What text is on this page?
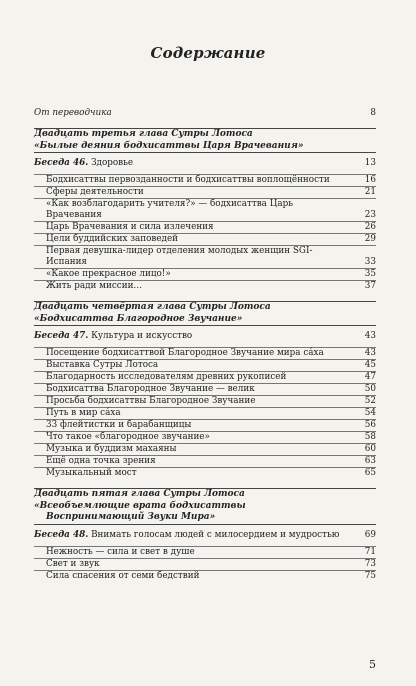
Содержание
От переводчика	8
Двадцать третья глава Сутры Лотоса
«Былые деяния бодхисаттвы Царя Врачевания»
Беседа 46. Здоровье	13
Бодхисаттвы первозданности и бодхисаттвы воплощённости	16
Сферы деятельности	21
«Как возблагодарить учителя?» — бодхисаттва Царь Врачевания	23
Царь Врачевания и сила излечения	26
Цели буддийских заповедей	29
Первая девушка-лидер отделения молодых женщин SGI-Испания	33
«Какое прекрасное лицо!»	35
Жить ради миссии…	37
Двадцать четвёртая глава Сутры Лотоса
«Бодхисаттва Благородное Звучание»
Беседа 47. Культура и искусство	43
Посещение бодхисаттвой Благородное Звучание мира сáха	43
Выставка Сутры Лотоса	45
Благодарность исследователям древних рукописей	47
Бодхисаттва Благородное Звучание — велик	50
Просьба бодхисаттвы Благородное Звучание	52
Путь в мир сáха	54
33 флейтистки и барабанщицы	56
Что такое «благородное звучание»	58
Музыка и буддизм махаяны	60
Ещё одна точка зрения	63
Музыкальный мост	65
Двадцать пятая глава Сутры Лотоса
«Всеобъемлющие врата бодхисаттвы
Воспринимающий Звуки Мира»
Беседа 48. Внимать голосам людей с милосердием и мудростью	69
Нежность — сила и свет в душе	71
Свет и звук	73
Сила спасения от семи бедствий	75
5
